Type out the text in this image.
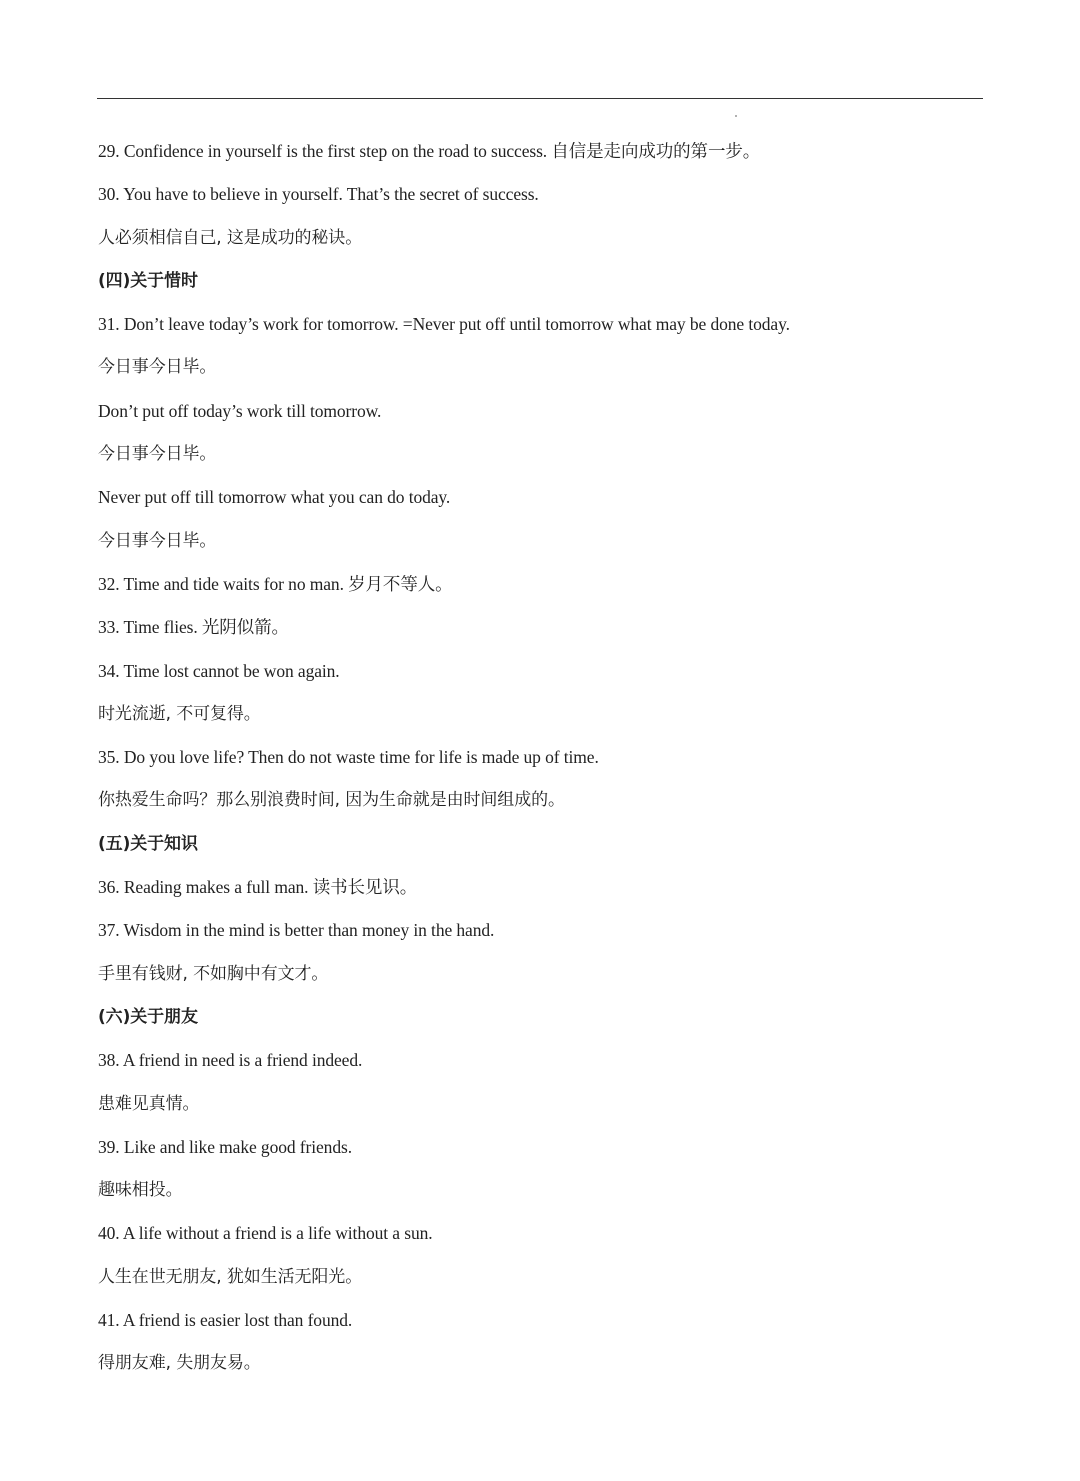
29. Confidence in yourself is the first step on the road to success. 自信是走向成功的第一步。
30. You have to believe in yourself. That’s the secret of success.
人必须相信自己, 这是成功的秘诀。
(四)关于惜时
31. Don’t leave today’s work for tomorrow. =Never put off until tomorrow what may be done today.
今日事今日毕。
Don’t put off today’s work till tomorrow.
今日事今日毕。
Never put off till tomorrow what you can do today.
今日事今日毕。
32. Time and tide waits for no man. 岁月不等人。
33. Time flies. 光阴似箭。
34. Time lost cannot be won again.
时光流逝, 不可复得。
35. Do you love life? Then do not waste time for life is made up of time.
你热爱生命吗？那么别浪费时间, 因为生命就是由时间组成的。
(五)关于知识
36. Reading makes a full man. 读书长见识。
37. Wisdom in the mind is better than money in the hand.
手里有钱财, 不如胸中有文才。
(六)关于朋友
38. A friend in need is a friend indeed.
患难见真情。
39. Like and like make good friends.
趣味相投。
40. A life without a friend is a life without a sun.
人生在世无朋友, 犹如生活无阳光。
41. A friend is easier lost than found.
得朋友难, 失朋友易。
